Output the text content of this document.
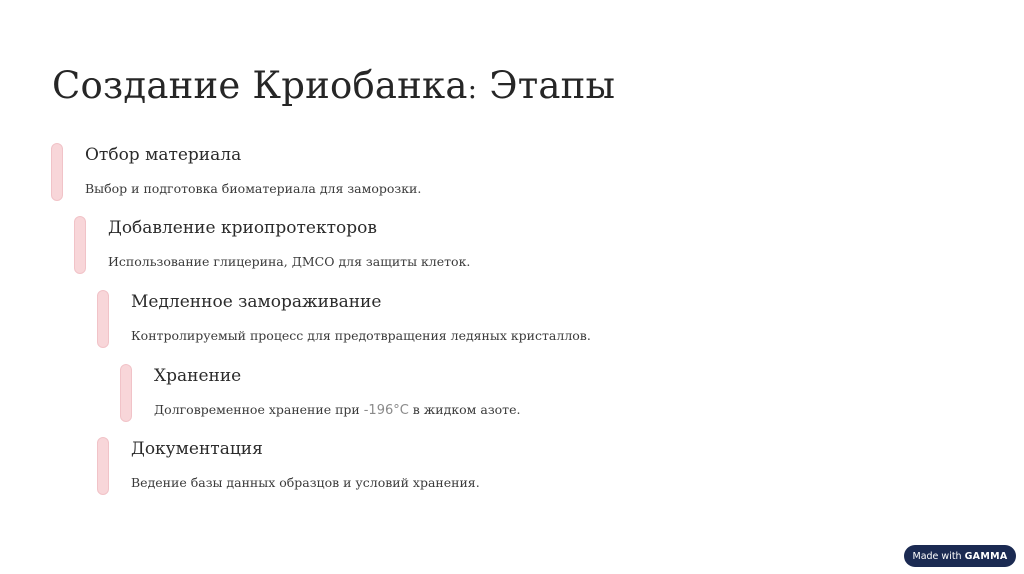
Создание Криобанка: Этапы
Отбор материала
Выбор и подготовка биоматериала для заморозки.
Добавление криопротекторов
Использование глицерина, ДМСО для защиты клеток.
Медленное замораживание
Контролируемый процесс для предотвращения ледяных кристаллов.
Хранение
Долговременное хранение при -196°C в жидком азоте.
Документация
Ведение базы данных образцов и условий хранения.
Made with GAMMA
